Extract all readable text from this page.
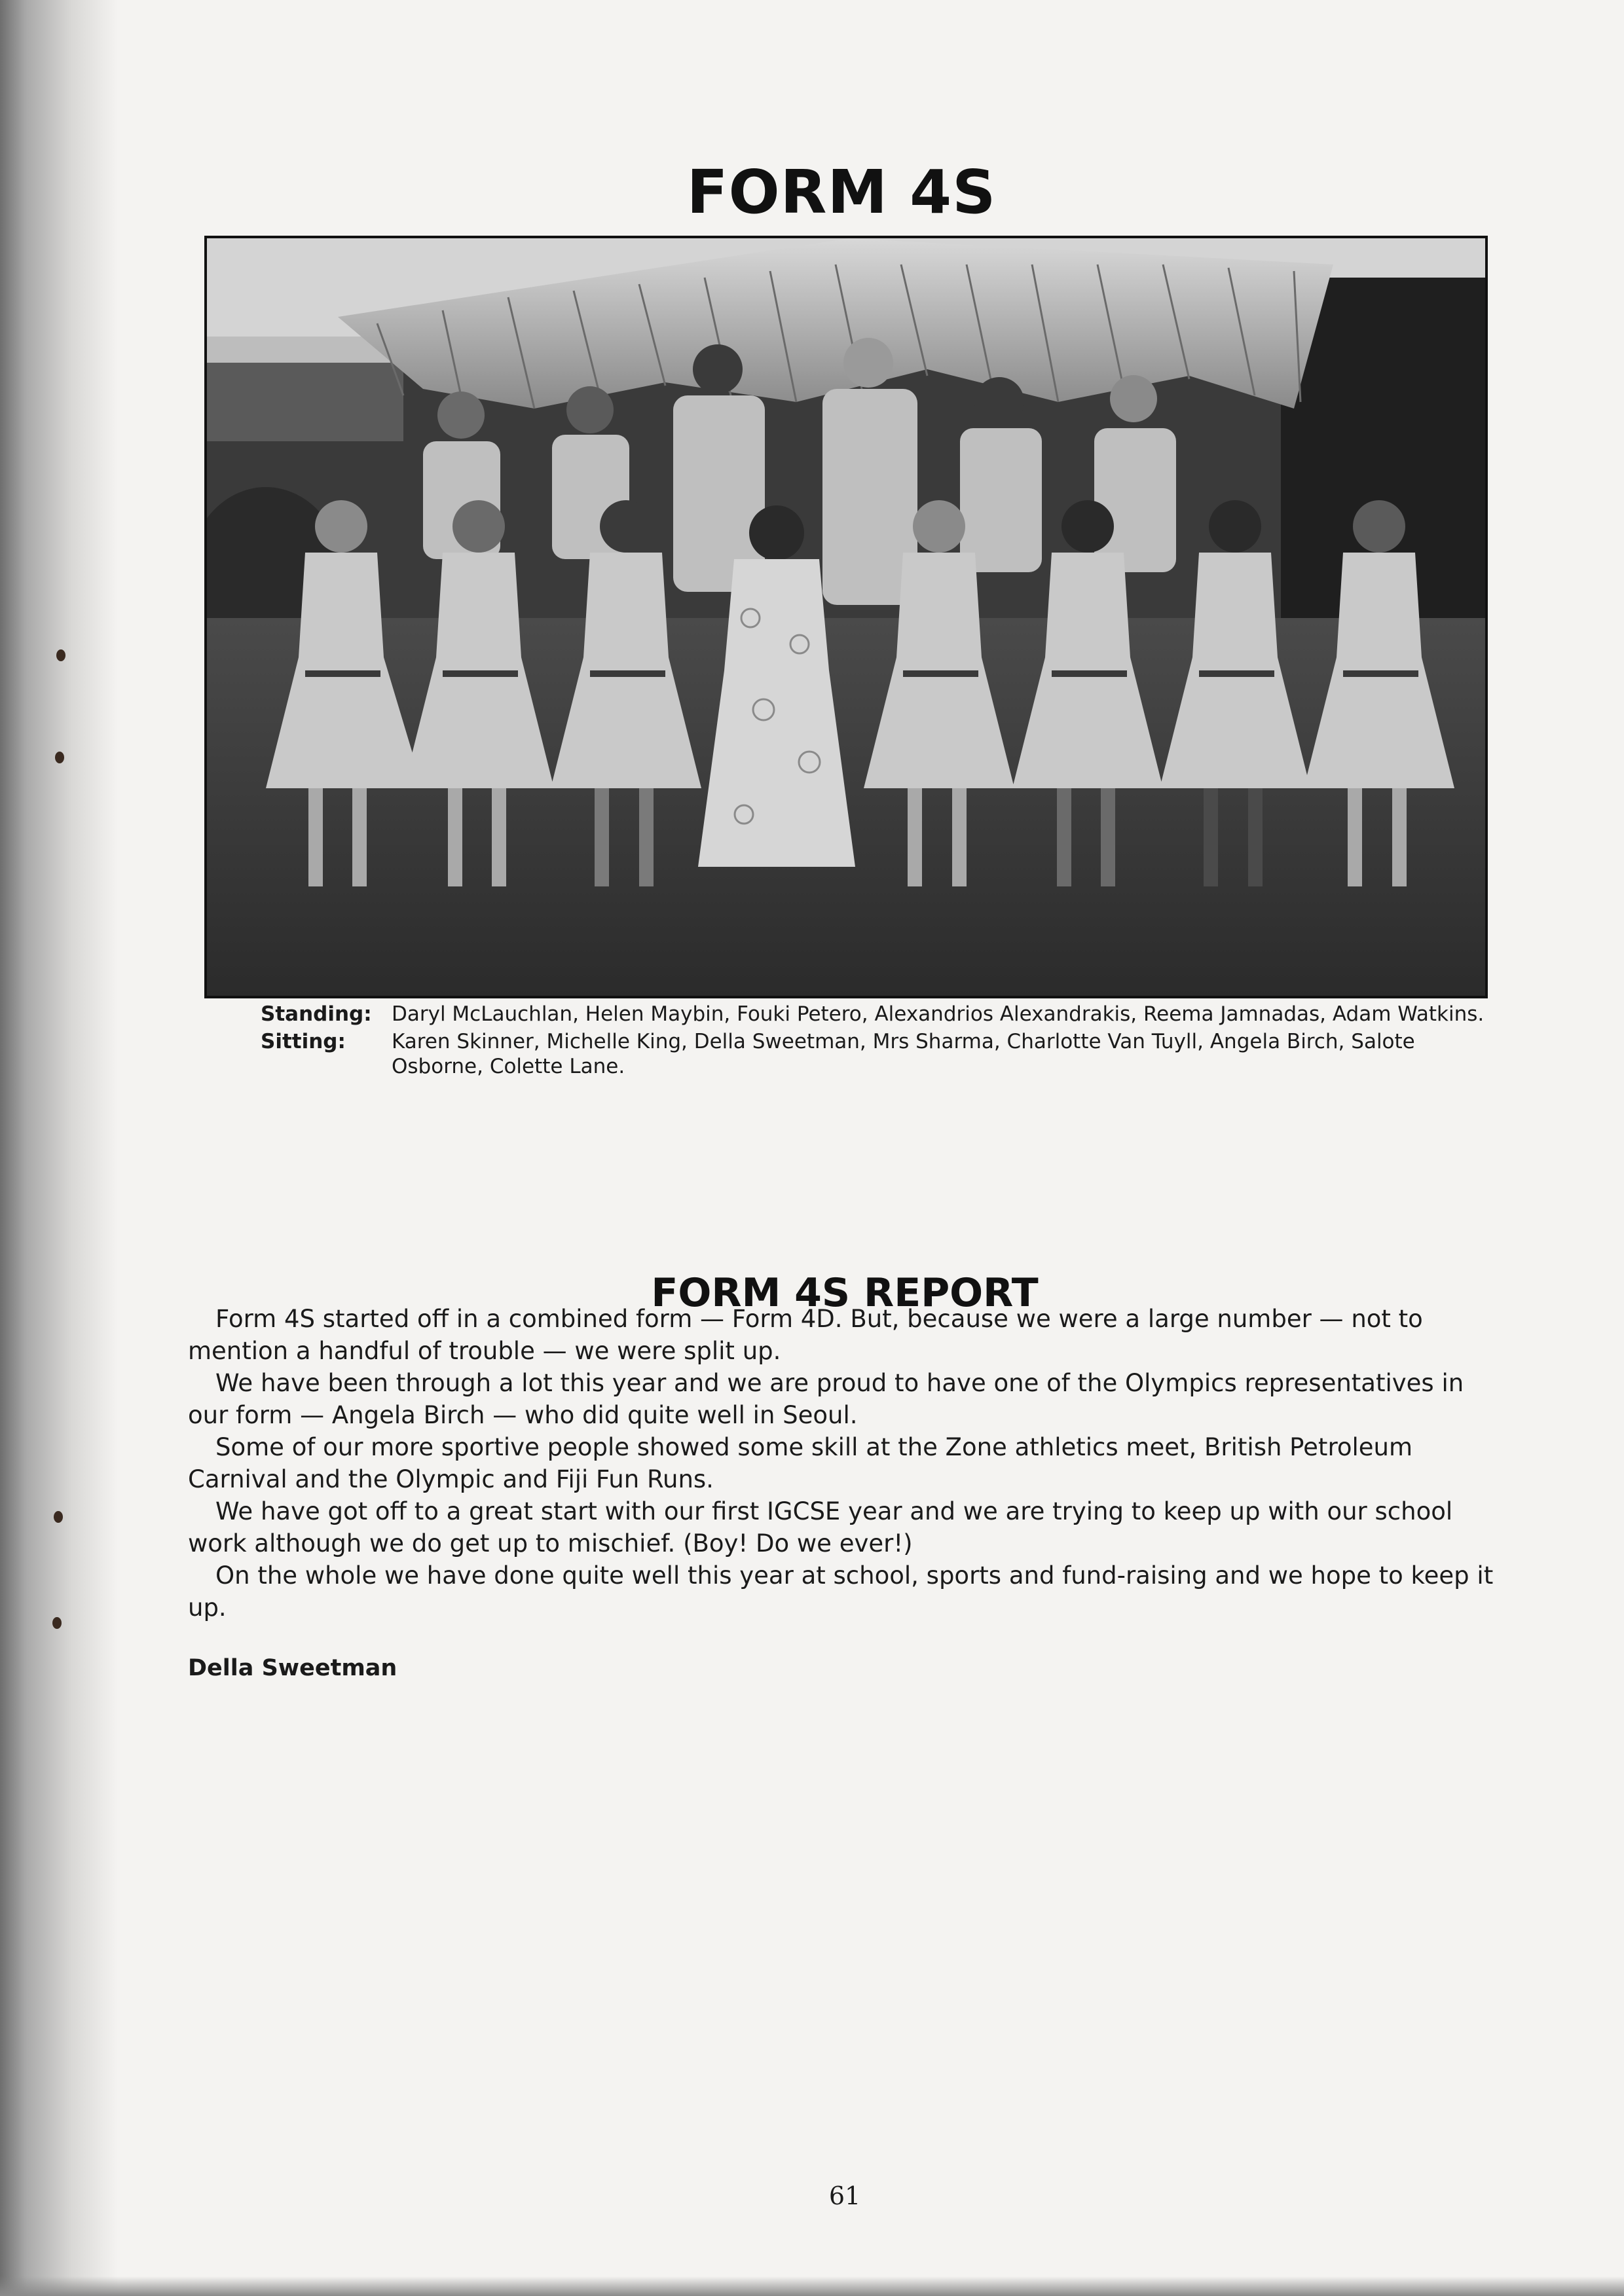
FORM 4S
Standing: Daryl McLauchlan, Helen Maybin, Fouki Petero, Alexandrios Alexandrakis, Reema Jamnadas, Adam Watkins.
Sitting:	Karen Skinner, Michelle King, Della Sweetman, Mrs Sharma, Charlotte Van Tuyll, Angela Birch, Salote Osborne, Colette Lane.
FORM 4S REPORT

Form 4S started off in a combined form — Form 4D. But, because we were a large number — not to mention a handful of trouble — we were split up.

We have been through a lot this year and we are proud to have one of the Olympics representatives in our form — Angela Birch — who did quite well in Seoul.

Some of our more sportive people showed some skill at the Zone athletics meet, British Petroleum Carnival and the Olympic and Fiji Fun Runs.

We have got off to a great start with our first IGCSE year and we are trying to keep up with our school work although we do get up to mischief. (Boy! Do we ever!)

On the whole we have done quite well this year at school, sports and fund-raising and we hope to keep it up.

Della Sweetman
61
